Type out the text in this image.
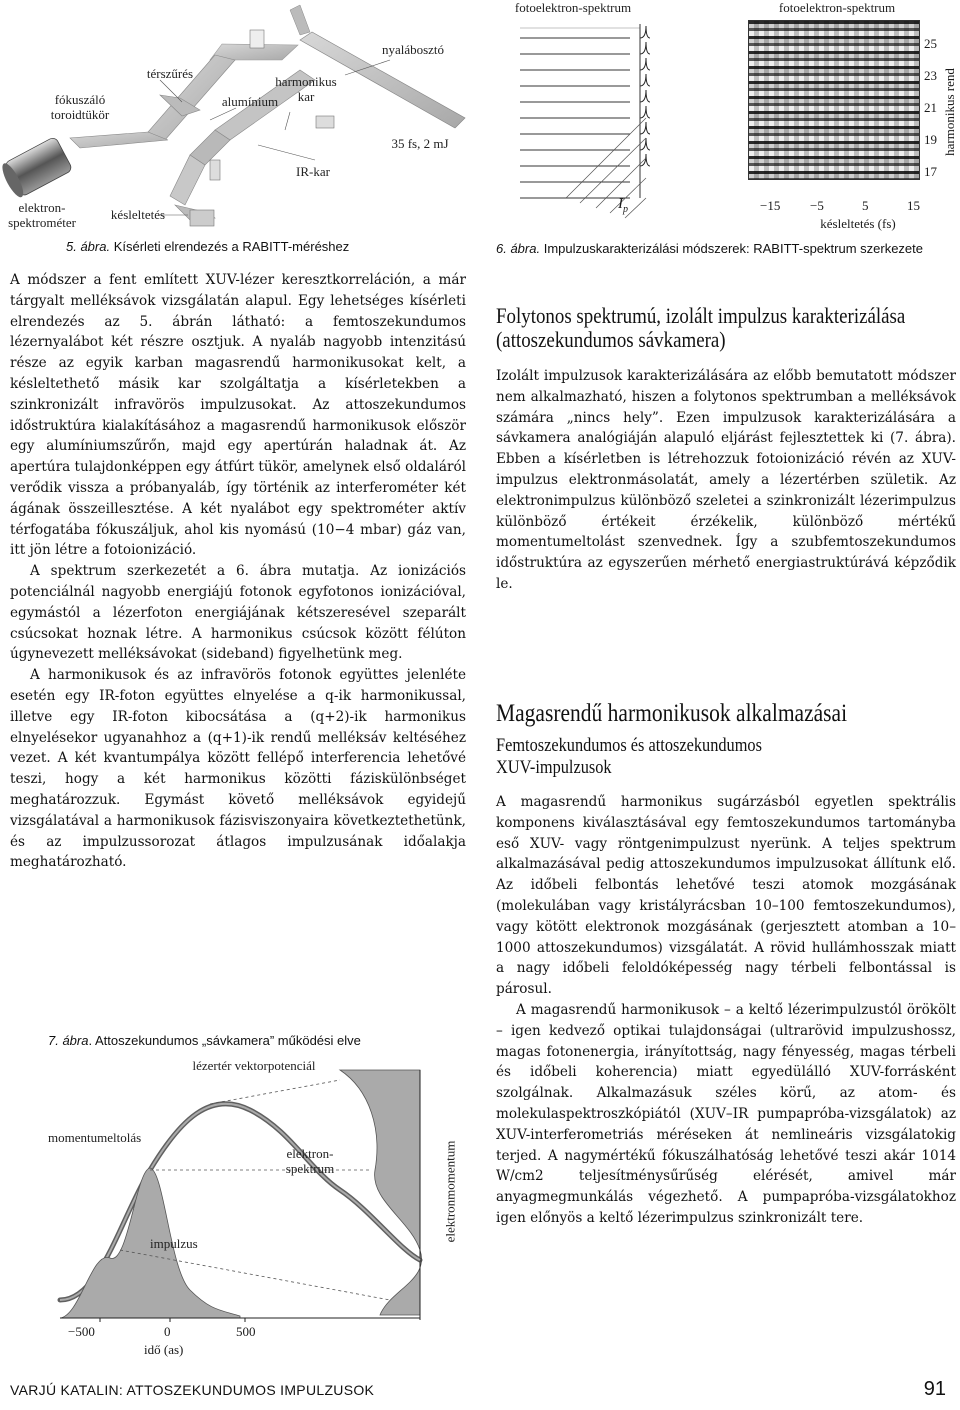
fókuszáló
toroidtükör
térszűrés
alumínium
harmonikus
kar
nyalábosztó
35 fs, 2 mJ
IR-kar
elektron-
spektrométer
késleltetés
5. ábra. Kísérleti elrendezés a RABITT-méréshez
fotoelektron-spektrum	fotoelektron-spektrum
25
23
21
19
17
harmonikus rend
$I_p$	−15 −5	5	15
késleltetés (fs)
6. ábra. Impulzuskarakterizálási módszerek: RABITT-spektrum szerkezete

A módszer a fent említett XUV-lézer keresztkorreláción, a már tárgyalt melléksávok vizsgálatán alapul. Egy lehetséges kísérleti elrendezés az 5. ábrán látható: a femtoszekundumos lézernyalábot két részre osztjuk. A nyaláb nagyobb intenzitású része az egyik karban magasrendű harmonikusokat kelt, a késleltethető másik kar szolgáltatja a kísérletekben a szinkronizált infravörös impulzusokat. Az attoszekundumos időstruktúra kialakításához a magasrendű harmonikusok először egy alumíniumszűrőn, majd egy apertúrán haladnak át. Az apertúra tulajdonképpen egy átfúrt tükör, amelynek első oldaláról verődik vissza a próbanyaláb, így történik az interferométer két ágának összeillesztése. A két nyalábot egy spektrométer aktív térfogatába fókuszáljuk, ahol kis nyomású (10−4 mbar) gáz van, itt jön létre a fotoionizáció.

A spektrum szerkezetét a 6. ábra mutatja. Az ionizációs potenciálnál nagyobb energiájú fotonok egyfotonos ionizációval, egymástól a lézerfoton energiájának kétszeresével szeparált csúcsokat hoznak létre. A harmonikus csúcsok között félúton úgynevezett melléksávokat (sideband) figyelhetünk meg.

A harmonikusok és az infravörös fotonok együttes jelenléte esetén egy IR-foton együttes elnyelése a q-ik harmonikussal, illetve egy IR-foton kibocsátása a (q+2)-ik harmonikus elnyelésekor ugyanahhoz a (q+1)-ik rendű melléksáv keltéséhez vezet. A két kvantumpálya között fellépő interferencia lehetővé teszi, hogy a két harmonikus közötti fáziskülönbséget meghatározzuk. Egymást követő melléksávok egyidejű vizsgálatával a harmonikusok fázisviszonyaira következtethetünk, és az impulzussorozat átlagos impulzusának időalakja meghatározható.

7. ábra. Attoszekundumos „sávkamera” működési elve
lézertér vektorpotenciál
momentumeltolás
elektron-
spektrum
impulzus
elektronmomentum
−500	0	500
idő (as)
Folytonos spektrumú, izolált impulzus karakterizálása
(attoszekundumos sávkamera)

Izolált impulzusok karakterizálására az előbb bemutatott módszer nem alkalmazható, hiszen a folytonos spektrumban a melléksávok számára „nincs hely”. Ezen impulzusok karakterizálására a sávkamera analógiáján alapuló eljárást fejlesztettek ki (7. ábra). Ebben a kísérletben is létrehozzuk fotoionizáció révén az XUV-impulzus elektronmásolatát, amely a lézertérben születik. Az elektronimpulzus különböző szeletei a szinkronizált lézerimpulzus különböző értékeit érzékelik, különböző mértékű momentumeltolást szenvednek. Így a szubfemtoszekundumos időstruktúra az egyszerűen mérhető energiastruktúrává képződik le.

Magasrendű harmonikusok alkalmazásai
Femtoszekundumos és attoszekundumos
XUV-impulzusok

A magasrendű harmonikus sugárzásból egyetlen spektrális komponens kiválasztásával egy femtoszekundumos tartományba eső XUV- vagy röntgenimpulzust nyerünk. A teljes spektrum alkalmazásával pedig attoszekundumos impulzusokat állítunk elő. Az időbeli felbontás lehetővé teszi atomok mozgásának (molekulában vagy kristályrácsban 10–100 femtoszekundumos), vagy kötött elektronok mozgásának (gerjesztett atomban a 10–1000 attoszekundumos) vizsgálatát. A rövid hullámhosszak miatt a nagy időbeli feloldóképesség nagy térbeli felbontással is párosul.

A magasrendű harmonikusok – a keltő lézerimpulzustól örökölt – igen kedvező optikai tulajdonságai (ultrarövid impulzushossz, magas fotonenergia, irányítottság, nagy fényesség, magas térbeli és időbeli koherencia) miatt egyedülálló XUV-forrásként szolgálnak. Alkalmazásuk széles körű, az atom- és molekulaspektroszkópiától (XUV–IR pumpapróba-vizsgálatok) az XUV-interferometriás méréseken át nemlineáris vizsgálatokig terjed. A nagymértékű fókuszálhatóság lehetővé teszi akár 1014 W/cm2 teljesítménysűrűség elérését, amivel már anyagmegmunkálás végezhető. A pumpapróba-vizsgálatokhoz igen előnyös a keltő lézerimpulzus szinkronizált tere.

VARJÚ KATALIN: ATTOSZEKUNDUMOS IMPULZUSOK	91
